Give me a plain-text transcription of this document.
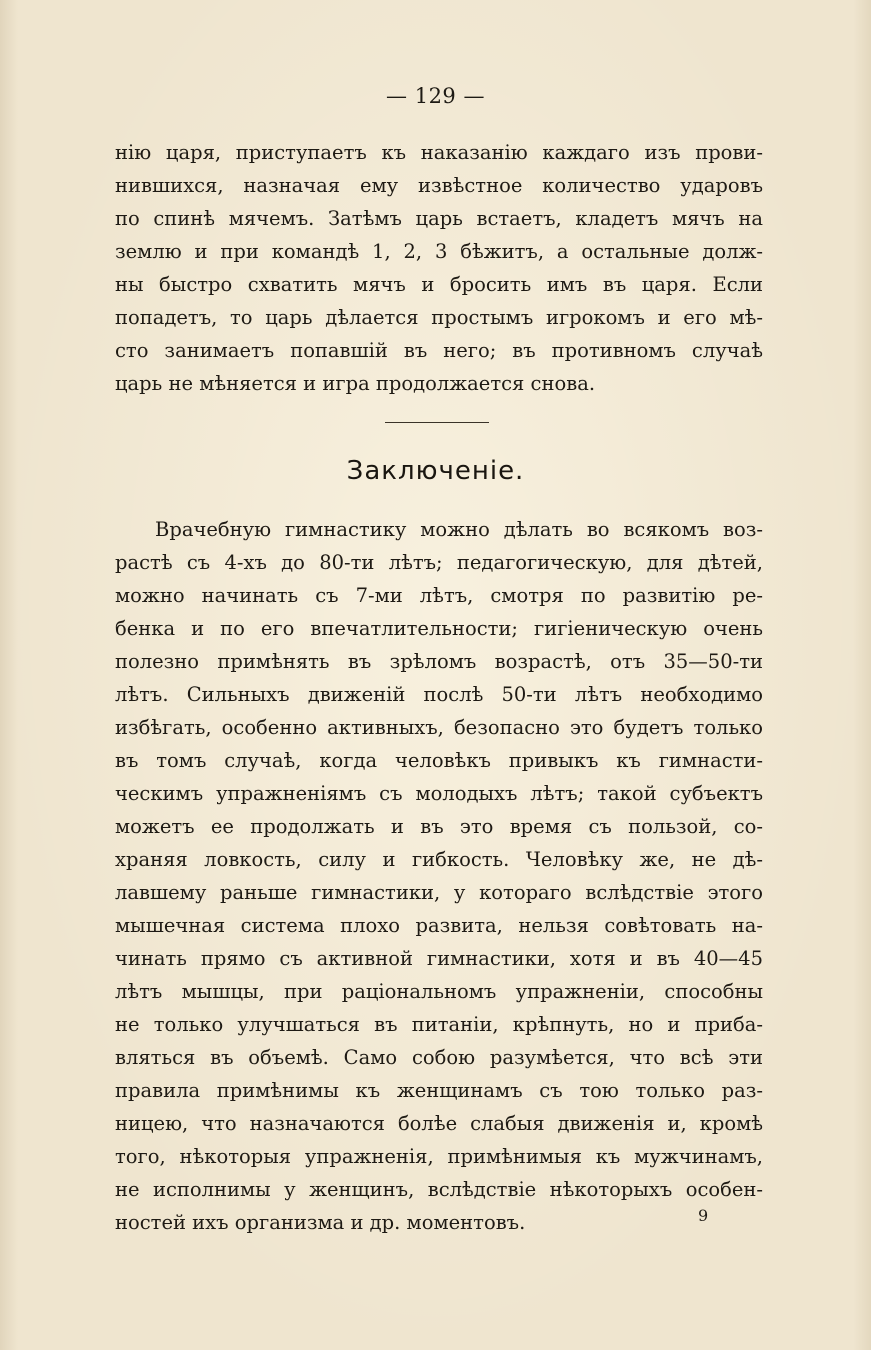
— 129 —
нію царя, приступаетъ къ наказанію каждаго изъ прови-
нившихся, назначая ему извѣстное количество ударовъ
по спинѣ мячемъ. Затѣмъ царь встаетъ, кладетъ мячъ на
землю и при командѣ 1, 2, 3 бѣжитъ, а остальные долж-
ны быстро схватить мячъ и бросить имъ въ царя. Если
попадетъ, то царь дѣлается простымъ игрокомъ и его мѣ-
сто занимаетъ попавшій въ него; въ противномъ случаѣ
царь не мѣняется и игра продолжается снова.
Заключеніе.
Врачебную гимнастику можно дѣлать во всякомъ воз-
растѣ съ 4-хъ до 80-ти лѣтъ; педагогическую, для дѣтей,
можно начинать съ 7-ми лѣтъ, смотря по развитію ре-
бенка и по его впечатлительности; гигіеническую очень
полезно примѣнять въ зрѣломъ возрастѣ, отъ 35—50-ти
лѣтъ. Сильныхъ движеній послѣ 50-ти лѣтъ необходимо
избѣгать, особенно активныхъ, безопасно это будетъ только
въ томъ случаѣ, когда человѣкъ привыкъ къ гимнасти-
ческимъ упражненіямъ съ молодыхъ лѣтъ; такой субъектъ
можетъ ее продолжать и въ это время съ пользой, со-
храняя ловкость, силу и гибкость. Человѣку же, не дѣ-
лавшему раньше гимнастики, у котораго вслѣдствіе этого
мышечная система плохо развита, нельзя совѣтовать на-
чинать прямо съ активной гимнастики, хотя и въ 40—45
лѣтъ мышцы, при раціональномъ упражненіи, способны
не только улучшаться въ питаніи, крѣпнуть, но и приба-
вляться въ объемѣ. Само собою разумѣется, что всѣ эти
правила примѣнимы къ женщинамъ съ тою только раз-
ницею, что назначаются болѣе слабыя движенія и, кромѣ
того, нѣкоторыя упражненія, примѣнимыя къ мужчинамъ,
не исполнимы у женщинъ, вслѣдствіе нѣкоторыхъ особен-
ностей ихъ организма и др. моментовъ.	9
